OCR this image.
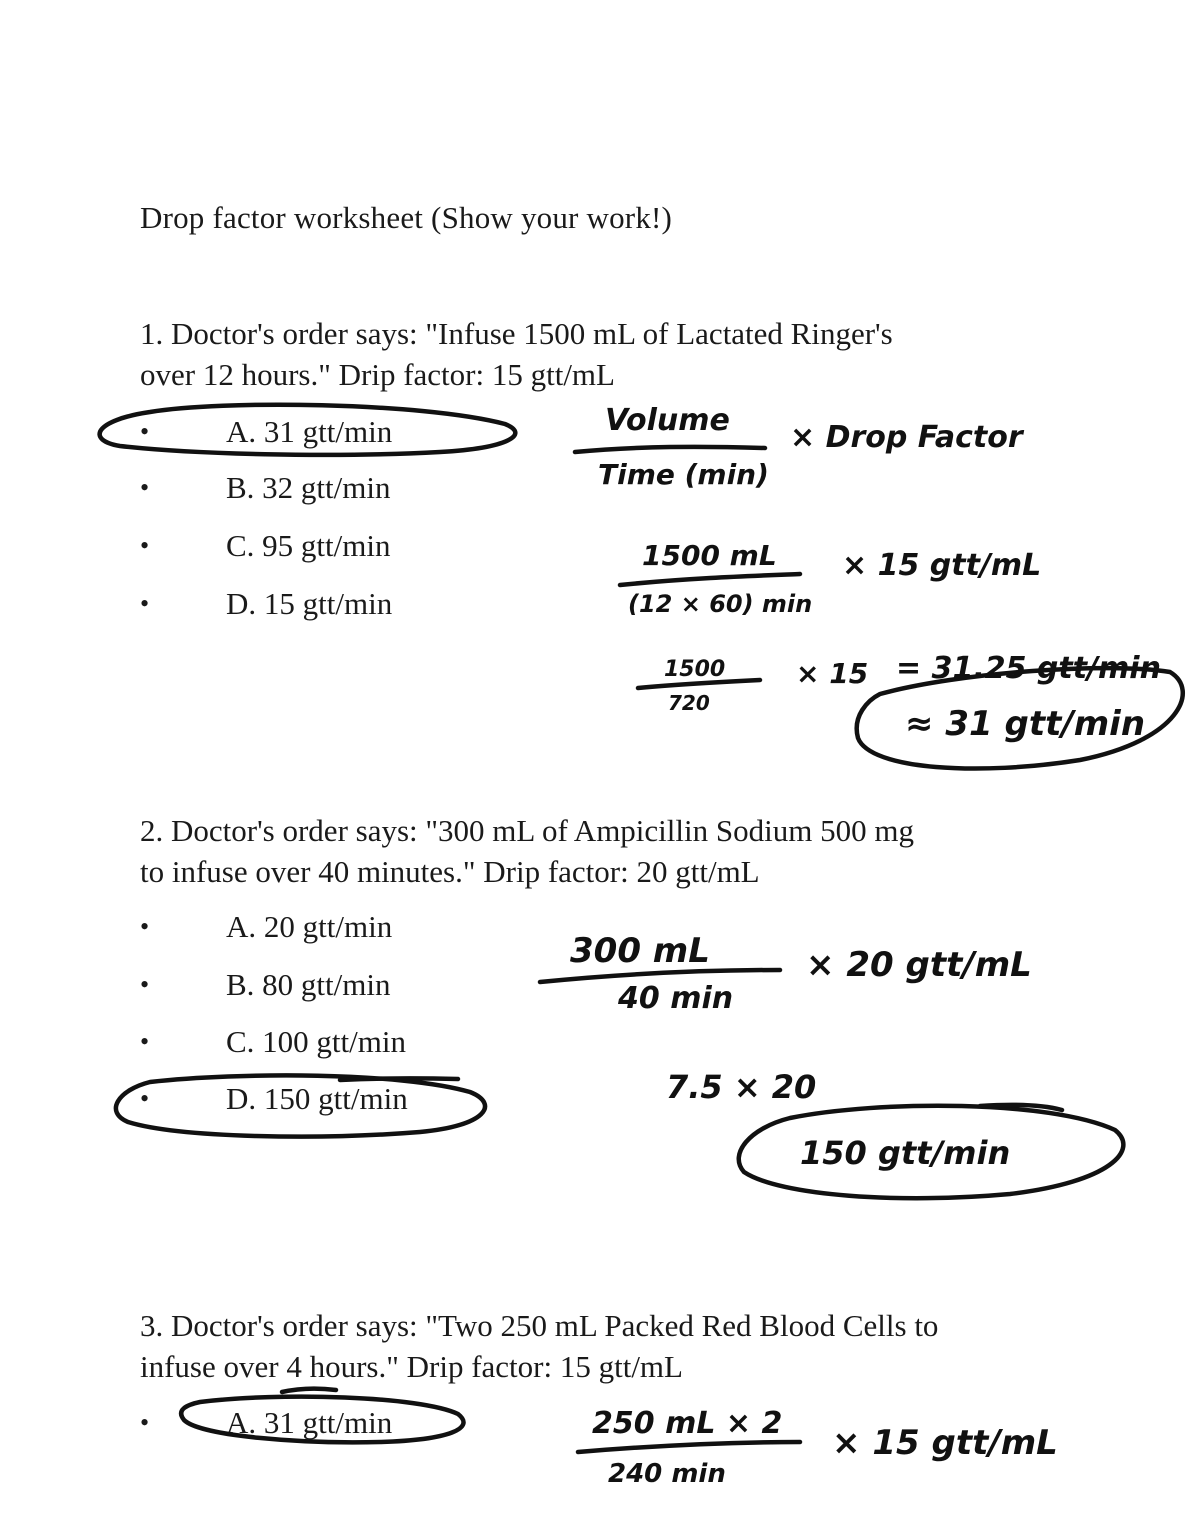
Drop factor worksheet (Show your work!)
1. Doctor's order says: "Infuse 1500 mL of Lactated Ringer's
over 12 hours." Drip factor: 15 gtt/mL
• A. 31 gtt/min
• B. 32 gtt/min
• C. 95 gtt/min
• D. 15 gtt/min
2. Doctor's order says: "300 mL of Ampicillin Sodium 500 mg
to infuse over 40 minutes." Drip factor: 20 gtt/mL
• A. 20 gtt/min
• B. 80 gtt/min
• C. 100 gtt/min
• D. 150 gtt/min
3. Doctor's order says: "Two 250 mL Packed Red Blood Cells to
infuse over 4 hours." Drip factor: 15 gtt/mL
• A. 31 gtt/min
Volume
Time (min)
× Drop Factor
1500 mL
(12 × 60) min
× 15 gtt/mL
1500
720
× 15 = 31.25 gtt/min
≈ 31 gtt/min
300 mL
40 min
× 20 gtt/mL
7.5 × 20
150 gtt/min
250 mL × 2
240 min
× 15 gtt/mL
